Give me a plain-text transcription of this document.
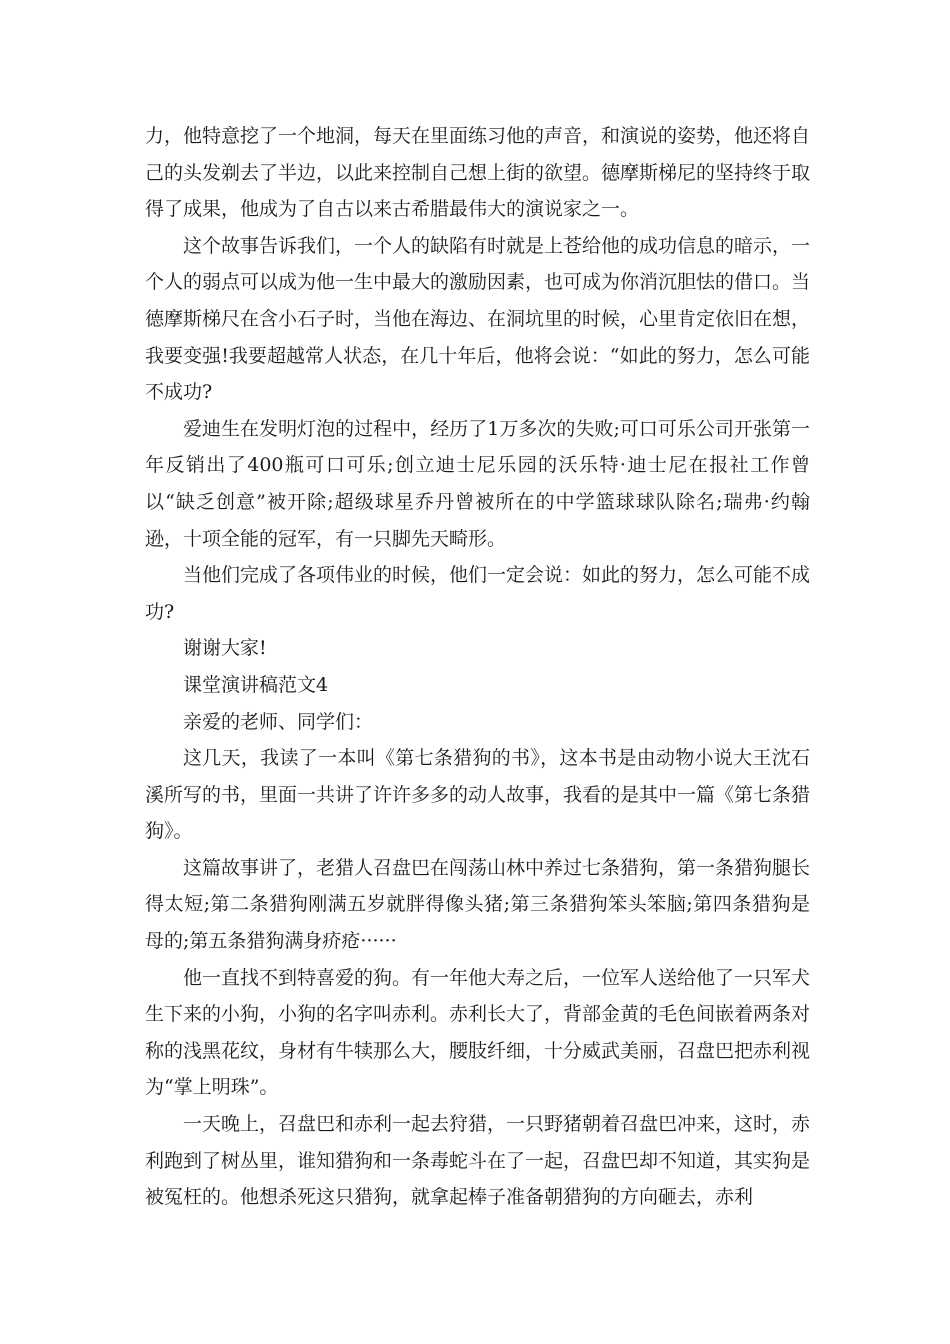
力，他特意挖了一个地洞，每天在里面练习他的声音，和演说的姿势，他还将自己的头发剃去了半边，以此来控制自己想上街的欲望。德摩斯梯尼的坚持终于取得了成果，他成为了自古以来古希腊最伟大的演说家之一。

这个故事告诉我们，一个人的缺陷有时就是上苍给他的成功信息的暗示，一个人的弱点可以成为他一生中最大的激励因素，也可成为你消沉胆怯的借口。当德摩斯梯尺在含小石子时，当他在海边、在洞坑里的时候，心里肯定依旧在想，我要变强!我要超越常人状态，在几十年后，他将会说：“如此的努力，怎么可能不成功?

爱迪生在发明灯泡的过程中，经历了1万多次的失败;可口可乐公司开张第一年反销出了400瓶可口可乐;创立迪士尼乐园的沃乐特·迪士尼在报社工作曾以“缺乏创意”被开除;超级球星乔丹曾被所在的中学篮球球队除名;瑞弗·约翰逊，十项全能的冠军，有一只脚先天畸形。

当他们完成了各项伟业的时候，他们一定会说：如此的努力，怎么可能不成功?

谢谢大家!

课堂演讲稿范文4

亲爱的老师、同学们：

这几天，我读了一本叫《第七条猎狗的书》，这本书是由动物小说大王沈石溪所写的书，里面一共讲了许许多多的动人故事，我看的是其中一篇《第七条猎狗》。

这篇故事讲了，老猎人召盘巴在闯荡山林中养过七条猎狗，第一条猎狗腿长得太短;第二条猎狗刚满五岁就胖得像头猪;第三条猎狗笨头笨脑;第四条猎狗是母的;第五条猎狗满身疥疮······

他一直找不到特喜爱的狗。有一年他大寿之后，一位军人送给他了一只军犬生下来的小狗，小狗的名字叫赤利。赤利长大了，背部金黄的毛色间嵌着两条对称的浅黑花纹，身材有牛犊那么大，腰肢纤细，十分威武美丽，召盘巴把赤利视为“掌上明珠”。

一天晚上，召盘巴和赤利一起去狩猎，一只野猪朝着召盘巴冲来，这时，赤利跑到了树丛里，谁知猎狗和一条毒蛇斗在了一起，召盘巴却不知道，其实狗是被冤枉的。他想杀死这只猎狗，就拿起棒子准备朝猎狗的方向砸去，赤利
